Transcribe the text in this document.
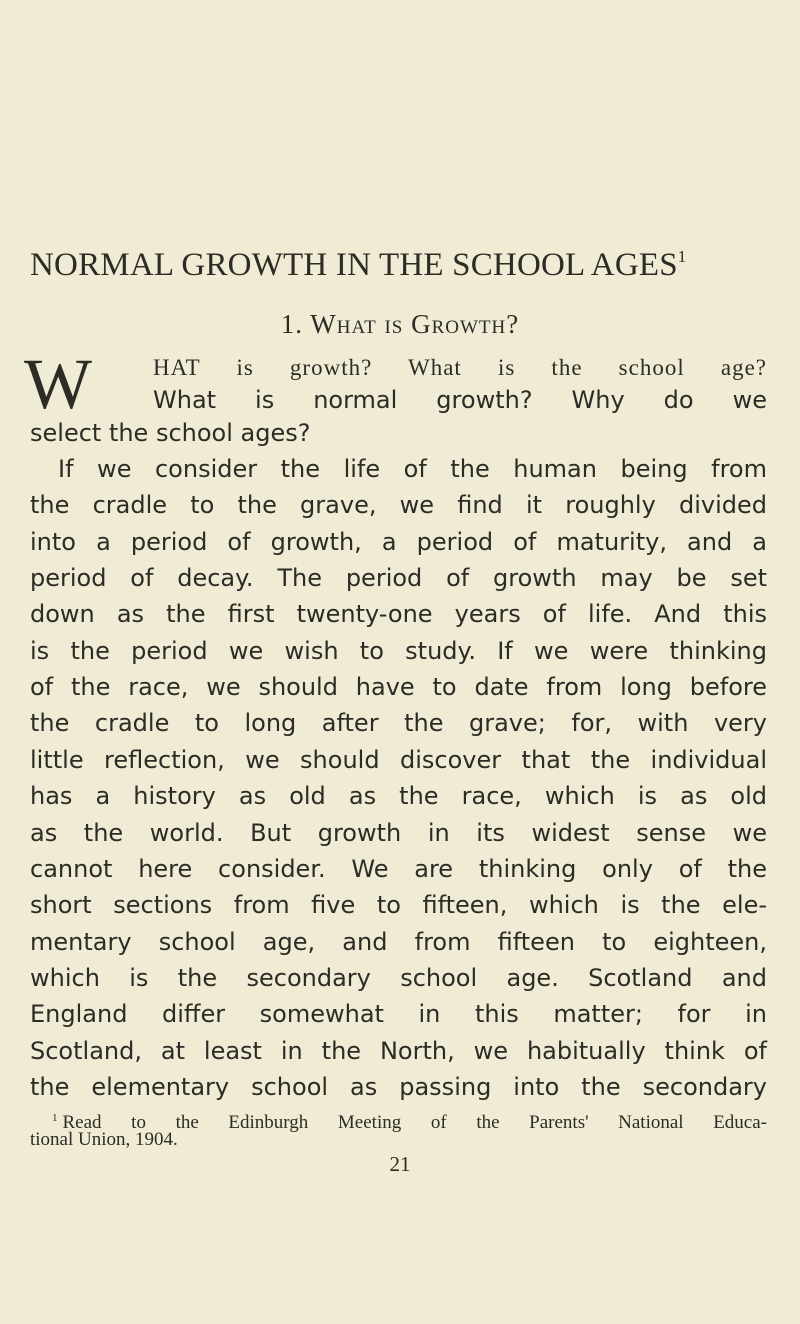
NORMAL GROWTH IN THE SCHOOL AGES$^1$
1. What is Growth?
W	HAT is growth? What is the school age?
What is normal growth? Why do we
select the school ages?
If we consider the life of the human being from
the cradle to the grave, we find it roughly divided
into a period of growth, a period of maturity, and a
period of decay. The period of growth may be set
down as the first twenty-one years of life. And this
is the period we wish to study. If we were thinking
of the race, we should have to date from long before
the cradle to long after the grave; for, with very
little reflection, we should discover that the individual
has a history as old as the race, which is as old
as the world. But growth in its widest sense we
cannot here consider. We are thinking only of the
short sections from five to fifteen, which is the ele-
mentary school age, and from fifteen to eighteen,
which is the secondary school age. Scotland and
England differ somewhat in this matter; for in
Scotland, at least in the North, we habitually think of
the elementary school as passing into the secondary
$^1$ Read to the Edinburgh Meeting of the Parents' National Educa-
tional Union, 1904.
21
